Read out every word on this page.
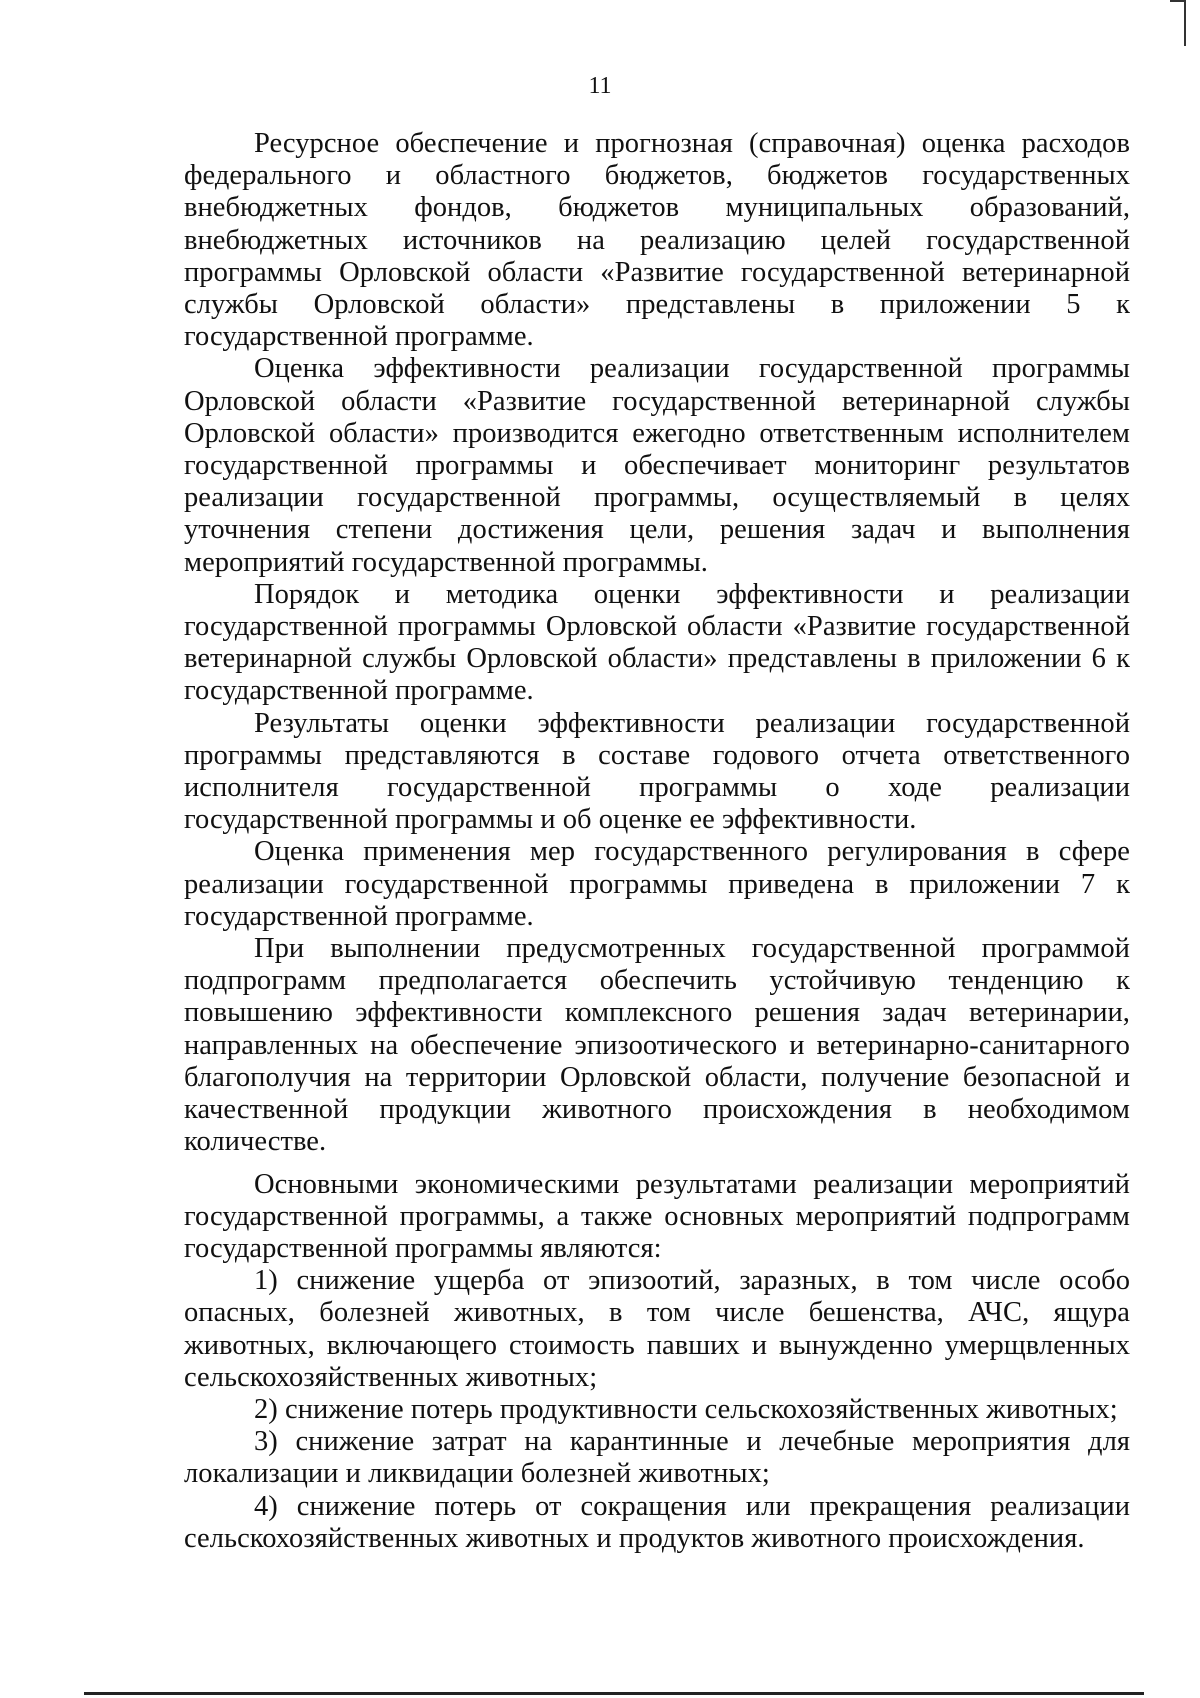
11

Ресурсное обеспечение и прогнозная (справочная) оценка расходов федерального и областного бюджетов, бюджетов государственных внебюджетных фондов, бюджетов муниципальных образований, внебюджетных источников на реализацию целей государственной программы Орловской области «Развитие государственной ветеринарной службы Орловской области» представлены в приложении 5 к государственной программе.

Оценка эффективности реализации государственной программы Орловской области «Развитие государственной ветеринарной службы Орловской области» производится ежегодно ответственным исполнителем государственной программы и обеспечивает мониторинг результатов реализации государственной программы, осуществляемый в целях уточнения степени достижения цели, решения задач и выполнения мероприятий государственной программы.

Порядок и методика оценки эффективности и реализации государственной программы Орловской области «Развитие государственной ветеринарной службы Орловской области» представлены в приложении 6 к государственной программе.

Результаты оценки эффективности реализации государственной программы представляются в составе годового отчета ответственного исполнителя государственной программы о ходе реализации государственной программы и об оценке ее эффективности.

Оценка применения мер государственного регулирования в сфере реализации государственной программы приведена в приложении 7 к государственной программе.

При выполнении предусмотренных государственной программой подпрограмм предполагается обеспечить устойчивую тенденцию к повышению эффективности комплексного решения задач ветеринарии, направленных на обеспечение эпизоотического и ветеринарно-санитарного благополучия на территории Орловской области, получение безопасной и качественной продукции животного происхождения в необходимом количестве.

Основными экономическими результатами реализации мероприятий государственной программы, а также основных мероприятий подпрограмм государственной программы являются:

1) снижение ущерба от эпизоотий, заразных, в том числе особо опасных, болезней животных, в том числе бешенства, АЧС, ящура животных, включающего стоимость павших и вынужденно умерщвленных сельскохозяйственных животных;

2) снижение потерь продуктивности сельскохозяйственных животных;

3) снижение затрат на карантинные и лечебные мероприятия для локализации и ликвидации болезней животных;

4) снижение потерь от сокращения или прекращения реализации сельскохозяйственных животных и продуктов животного происхождения.
